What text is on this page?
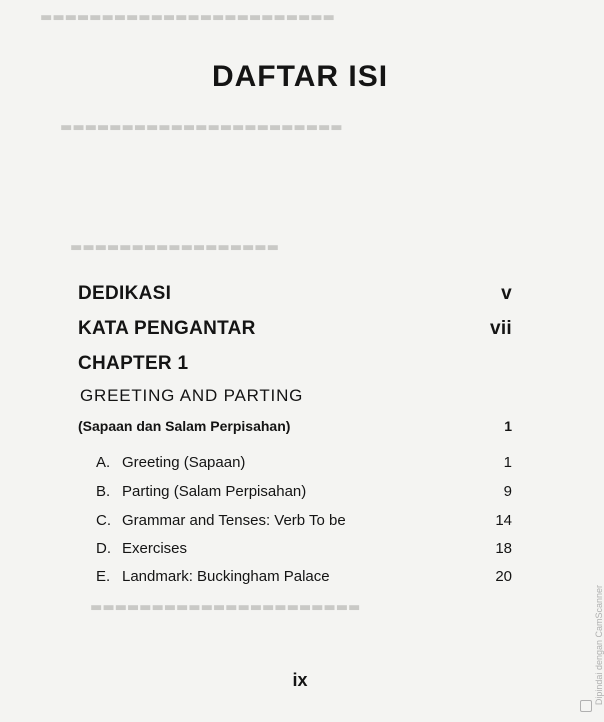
▬▬▬▬▬▬▬▬▬▬▬▬▬▬▬▬▬▬▬▬▬▬▬▬
▬▬▬▬▬▬▬▬▬▬▬▬▬▬▬▬▬▬▬▬▬▬▬
▬▬▬▬▬▬▬▬▬▬▬▬▬▬▬▬▬
▬▬▬▬▬▬▬▬▬▬▬▬▬▬▬▬▬▬▬▬▬▬
DAFTAR ISI
DEDIKASI	v
KATA PENGANTAR	vii
CHAPTER 1
GREETING AND PARTING
(Sapaan dan Salam Perpisahan)	1
A. Greeting (Sapaan)	1
B. Parting (Salam Perpisahan)	9
C. Grammar and Tenses: Verb To be	14
D. Exercises	18
E. Landmark: Buckingham Palace	20
ix	Dipindai dengan CamScanner
